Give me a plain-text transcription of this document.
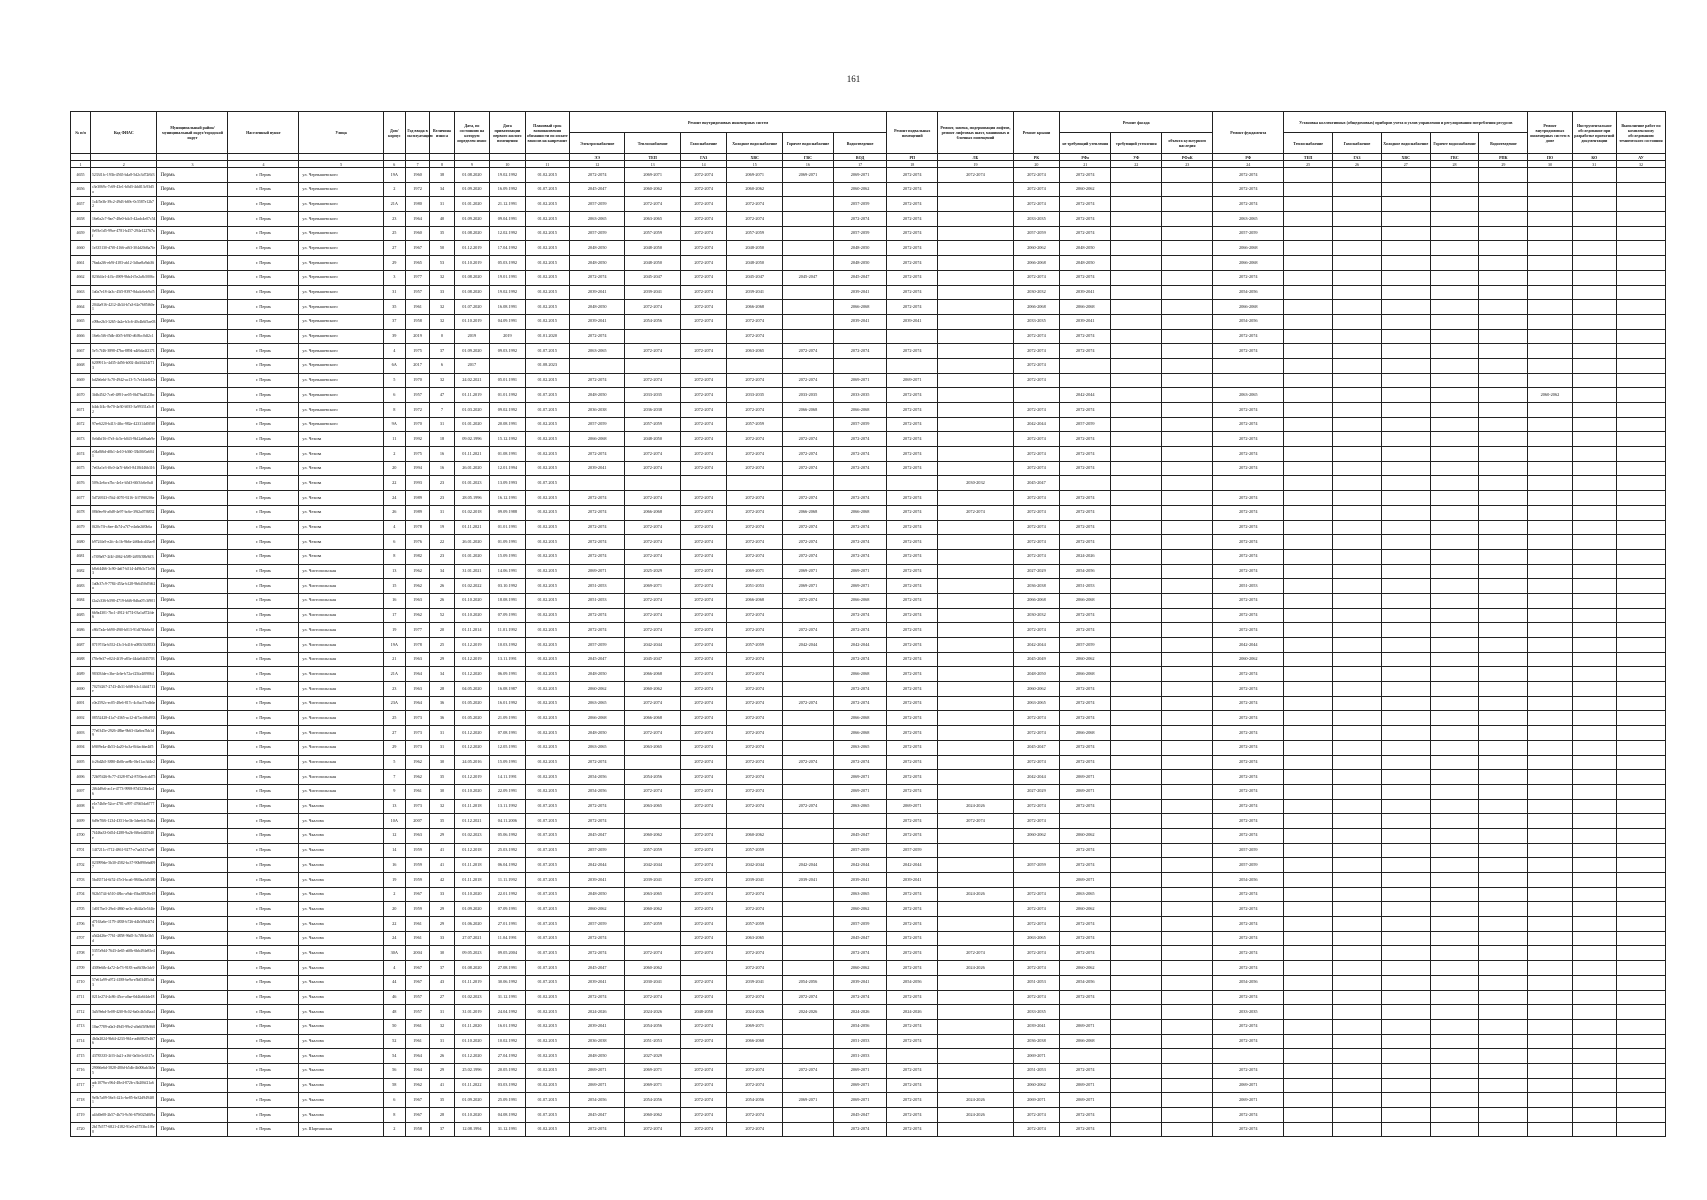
161
№ п/п	Код ФИАС	Муниципальный район/муниципальный округ/городской округ	Населенный пункт	Улица	Дом/корпус	Год ввода в эксплуатацию	Величина износа	Дата, по состоянию на которую определен износ	Дата приватизации первого жилого помещения	Плановый срок возникновения обязанности по оплате взносов на капремонт	Ремонт внутридомовых инженерных систем						Ремонт подвальных помещений	Ремонт, замена, модернизация лифтов, ремонт лифтовых шахт, машинных и блочных помещений	Ремонт крыши	Ремонт фасада			Ремонт фундамента	Установка коллективных (общедомовых) приборов учета и узлов управления и регулирования потребления ресурсов					Ремонт внутридомовых инженерных систем в доме	Инструментальное обследование при разработке проектной документации	Выполнение работ по комплексному обследованию технического состояния
											Электроснабжение	Теплоснабжение	Газоснабжение	Холодное водоснабжение	Горячее водоснабжение	Водоотведение				не требующий утепления	требующий утепления	объекта культурного наследия		Теплоснабжение	Газоснабжение	Холодное водоснабжение	Горячее водоснабжение	Водоотведение			
											ЭЭ	ТЕП	ГАЗ	ХВС	ГВС	ВОД	РП	ЛБ	РК	РФо	УФ	РФоК	РФ	ТЕП	ГАЗ	ХВС	ГВС	РПК	ПО	КО	АУ
1	2	3	4	5	6	7	8	9	10	11	12	13	14	15	16	17	18	19	20	21	22	23	24	25	26	27	28	29	30	31	32
4655	5233f1fc-193b-4565-b4a8-5d2c3d72f6f3	Пермь	г. Пермь	ул. Чернышевского	19А	1960	38	01.08.2020	19.02.1992	01.02.2015	2072-2074	2069-2071	2072-2074	2069-2071	2069-2071	2069-2071	2072-2074	2072-2074	2072-2074	2072-2074			2072-2074								
4656	c3e3069c-7c69-43e1-b0d3-4ddf13c93d5a	Пермь	г. Пермь	ул. Чернышевского	2	1972	34	01.09.2020	16.09.1992	01.07.2015	2045-2047	2060-2062	2072-2074	2060-2062		2060-2062	2072-2074		2072-2074	2060-2062			2072-2074								
4657	1c4f5e3b-39c2-49d3-b69c-0c5587e12b72	Пермь	г. Пермь	ул. Чернышевского	21А	1980	31	01.01.2020	21.12.1991	01.02.2015	2057-2059	2072-2074	2072-2074	2072-2074		2057-2059	2072-2074		2072-2074	2072-2074			2072-2074								
4658	16e0a2c7-9ae7-48e0-b4c5-42adc4e07c54	Пермь	г. Пермь	ул. Чернышевского	23	1964	40	01.09.2020	09.04.1991	01.02.2015	2063-2065	2063-2065	2072-2074	2072-2074		2072-2074	2072-2074		2033-2035	2072-2074			2063-2065								
4659	0e93e1d5-99ce-4781-b457-294e122767af	Пермь	г. Пермь	ул. Чернышевского	25	1960	35	01.08.2020	12.02.1992	01.02.2015	2057-2059	2057-2059	2072-2074	2057-2059		2057-2059	2072-2074		2057-2059	2072-2074			2057-2059								
4660	1e335130-d7f0-4166-af63-304d20d6a7fe	Пермь	г. Пермь	ул. Чернышевского	27	1967	50	01.12.2019	17.04.1992	01.02.2015	2048-2050	2048-2050	2072-2074	2048-2050		2048-2050	2072-2074		2060-2062	2048-2050			2066-2068								
4661	76ada2f6-eb9f-4183-ab12-3dfae8a9ab36	Пермь	г. Пермь	ул. Чернышевского	29	1965	53	01.10.2019	05.03.1992	01.02.2015	2048-2050	2048-2050	2072-2074	2048-2050		2048-2050	2072-2074		2066-2068	2048-2050			2066-2068								
4662	8236f4e1-4f3c-4909-9bb4-f5e2a8c5006c	Пермь	г. Пермь	ул. Чернышевского	3	1977	32	01.08.2020	19.01.1991	01.02.2015	2072-2074	2045-2047	2072-2074	2045-2047	2045-2047	2045-2047	2072-2074		2072-2074	2072-2074			2072-2074								
4663	1a0a7e18-4a3c-45f5-8397-8da4c6eb9cf5	Пермь	г. Пермь	ул. Чернышевского	31	1957	33	01.08.2020	19.02.1992	01.02.2015	2039-2041	2039-2041	2072-2074	2039-2041		2039-2041	2072-2074		2030-2032	2039-2041			2054-2056								
4664	2044a916-4212-4b34-b7a3-62e7685f60e1	Пермь	г. Пермь	ул. Чернышевского	35	1961	32	01.07.2020	16.08.1991	01.02.2015	2048-2050	2072-2074	2072-2074	2066-2068		2066-2068	2072-2074		2066-2068	2066-2068			2066-2068								
4665	c09be2b3-3265-4a2e-b3c6-40c4b6f5ae03	Пермь	г. Пермь	ул. Чернышевского	37	1958	32	01.10.2019	04.09.1991	01.02.2015	2039-2041	2054-2056	2072-2074	2072-2074		2039-2041	2039-2041		2033-2035	2039-2041			2054-2056								
4666	16e6c5f6-f5db-40f5-b930-d6f8cc0df2c1	Пермь	г. Пермь	ул. Чернышевского	39	2019	0	2019	2019	01.01.2020	2072-2074			2072-2074					2072-2074	2072-2074			2072-2074								
4667	5e7c7f46-3898-47ba-8894-a4f6da4f2171	Пермь	г. Пермь	ул. Чернышевского	4	1975	37	01.09.2020	09.03.1992	01.07.2015	2063-2065	2072-2074	2072-2074	2063-2065	2072-2074	2072-2074	2072-2074		2072-2074	2072-2074			2072-2074								
4668	6209911c-4d35-4d56-b002-4bf46234f713	Пермь	г. Пермь	ул. Чернышевского	6А	2017	6	2017		01.08.2023									2072-2074												
4669	bd2b6ebf-3c70-4942-ac13-7c7e14de8d2e	Пермь	г. Пермь	ул. Чернышевского	5	1970	32	24.02.2021	05.01.1991	01.02.2015	2072-2074	2072-2074	2072-2074	2072-2074	2072-2074	2069-2071	2069-2071		2072-2074												
4670	3fdb45f2-7ce0-4891-ae05-0fd76a4023bc	Пермь	г. Пермь	ул. Чернышевского	6	1957	47	01.11.2019	01.01.1992	01.07.2015	2048-2050	2033-2035	2072-2074	2033-2035	2033-2035	2033-2035	2072-2074			2042-2044			2063-2065						2060-2062		
4671	b4dc1f4c-8e70-4e30-b935-3a99331a5c82	Пермь	г. Пермь	ул. Чернышевского	8	1972	7	01.03.2020	09.02.1992	01.07.2015	2036-2038	2036-2038	2072-2074	2072-2074	2066-2068	2066-2068	2072-2074		2072-2074	2072-2074			2072-2074								
4672	97ee6220-b413-4fbc-982e-423314d0f5f0	Пермь	г. Пермь	ул. Чернышевского	9А	1970	31	01.01.2020	20.08.1991	01.02.2015	2057-2059	2057-2059	2072-2074	2057-2059		2057-2059	2072-2074		2042-2044	2057-2059			2072-2074								
4673	0c6dbf16-f7e3-4c5e-b043-9b12a68aab9e	Пермь	г. Пермь	ул. Чехова	11	1992	18	09.02.1996	15.12.1992	01.02.2015	2066-2068	2048-2050	2072-2074	2072-2074	2072-2074	2072-2074	2072-2074		2072-2074	2072-2074			2072-2074								
4674	e04a8f6d-d0b1-4e10-b360-33b50f0a6041	Пермь	г. Пермь	ул. Чехова	2	1975	16	01.11.2021	01.08.1991	01.02.2015	2072-2074	2072-2074	2072-2074	2072-2074	2072-2074	2072-2074	2072-2074		2072-2074	2072-2074			2072-2074								
4675	7e63a1e3-f0c0-4a7f-b8e5-8418f446b316	Пермь	г. Пермь	ул. Чехова	20	1994	16	26.01.2020	12.01.1994	01.02.2015	2039-2041	2072-2074	2072-2074	2072-2074	2072-2074	2072-2074	2072-2074		2072-2074	2072-2074			2072-2074								
4676	509c2e6a-a7bc-4e1e-b5d3-60f3fc6e0aff	Пермь	г. Пермь	ул. Чехова	22	1993	23	01.01.2023	13.09.1993	01.07.2015								2030-2032	2045-2047												
4677	5d726923-f5b2-4070-9216-1ff7f9f0206e	Пермь	г. Пермь	ул. Чехова	24	1989	23	28.05.1996	16.12.1991	01.02.2015	2072-2074	2072-2074	2072-2074	2072-2074	2072-2074	2072-2074	2072-2074		2072-2074	2072-2074			2072-2074								
4678	08b9ee9f-a0d8-4e97-bc6e-39f2a07f6832	Пермь	г. Пермь	ул. Чехова	26	1989	31	01.02.2018	09.09.1988	01.02.2015	2072-2074	2066-2068	2072-2074	2072-2074	2066-2068	2066-2068	2072-2074	2072-2074	2072-2074	2072-2074			2072-2074								
4679	0f20c7ff-c6ee-4b74-a7f7-e4a6e2ff0b6a	Пермь	г. Пермь	ул. Чехова	4	1978	19	01.11.2021	01.01.1991	01.02.2015	2072-2074	2072-2074	2072-2074	2072-2074	2072-2074	2072-2074	2072-2074		2072-2074	2072-2074			2072-2074								
4680	b972f4e5-e2fc-4c1b-9b6e-2d6bdcd43ae8	Пермь	г. Пермь	ул. Чехова	6	1976	22	26.01.2020	01.09.1991	01.02.2015	2072-2074	2072-2074	2072-2074	2072-2074	2072-2074	2072-2074	2072-2074		2072-2074	2072-2074			2072-2074								
4681	c7f09a97-2f4f-4062-b589-2d95f38b9ff3	Пермь	г. Пермь	ул. Чехова	8	1982	23	01.01.2020	15.09.1991	01.02.2015	2072-2074	2072-2074	2072-2074	2072-2074	2072-2074	2072-2074	2072-2074		2072-2074	2024-2026			2072-2074								
4682	b8c64466-3c90-4a67-b514-4d9b3c71e563	Пермь	г. Пермь	ул. Чистопольская	13	1962	34	31.01.2021	14.06.1991	01.02.2015	2069-2071	2025-2029	2072-2074	2069-2071	2069-2071	2069-2071	2072-2074		2027-2029	2054-2056			2072-2074								
4683	1a0b37c9-7784-453a-b128-9b6450d7d62a	Пермь	г. Пермь	ул. Чистопольская	15	1962	26	01.02.2022	03.10.1992	01.02.2015	2051-2053	2069-2071	2072-2074	2051-2053	2069-2071	2069-2071	2072-2074		2036-2038	2051-2053			2051-2053								
4684	f2a2c336-b598-4719-b6f6-8dba07c3f901	Пермь	г. Пермь	ул. Чистопольская	16	1963	26	01.10.2020	18.08.1991	01.02.2015	2051-2053	2072-2074	2072-2074	2066-2068	2072-2074	2066-2068	2072-2074		2066-2068	2066-2068			2072-2074								
4685	6b9a4301-7bc1-4912-b774-03a1a872fde6	Пермь	г. Пермь	ул. Чистопольская	17	1962	52	01.10.2020	07.09.1991	01.02.2015	2072-2074	2072-2074	2072-2074	2072-2074		2072-2074	2072-2074		2030-2032	2072-2074			2072-2074								
4686	c86f7a4e-b690-49f0-b013-91df7fbb6e3f	Пермь	г. Пермь	ул. Чистопольская	19	1977	20	01.11.2014	11.01.1992	01.02.2015	2072-2074	2072-2074	2072-2074	2072-2074	2072-2074	2072-2074	2072-2074		2072-2074	2072-2074			2072-2074								
4687	87197f3a-b552-43c3-b416-a085f33f8533	Пермь	г. Пермь	ул. Чистопольская	19А	1978	25	01.12.2019	10.03.1992	01.02.2015	2057-2059	2042-2044	2072-2074	2057-2059	2042-2044	2042-2044	2072-2074		2042-2044	2057-2059			2042-2044								
4688	f70e9e37-e024-4f19-a83e-44da04f45703	Пермь	г. Пермь	ул. Чистопольская	21	1963	29	01.12.2019	13.11.1991	01.02.2015	2045-2047	2045-2047	2072-2074	2072-2074		2072-2074	2072-2074		2045-2049	2060-2062			2060-2062								
4689	98303fde-c3be-4c6e-b72a-f25fa4f09864	Пермь	г. Пермь	ул. Чистопольская	21А	1964	34	01.12.2020	06.09.1991	01.02.2015	2048-2050	2066-2068	2072-2074	2072-2074		2066-2068	2072-2074		2048-2050	2066-2068			2072-2074								
4690	7027d267-2743-4b31-b0f8-b3c144d4713e	Пермь	г. Пермь	ул. Чистопольская	23	1963	28	04.05.2020	16.08.1987	01.02.2015	2060-2062	2060-2062	2072-2074	2072-2074		2072-2074	2072-2074		2060-2062	2072-2074			2072-2074								
4691	c0e2592c-ec05-48e6-817c-4c0ac57edb6e	Пермь	г. Пермь	ул. Чистопольская	23А	1964	36	01.05.2020	16.01.1992	01.02.2015	2063-2065	2072-2074	2072-2074	2072-2074	2072-2074	2072-2074	2072-2074		2063-2065	2072-2074			2072-2074								
4692	08552428-41a7-4365-ac12-df7ac0f6d933	Пермь	г. Пермь	ул. Чистопольская	25	1973	36	01.05.2020	21.09.1991	01.02.2015	2066-2068	2066-2068	2072-2074	2072-2074		2066-2068	2072-2074		2072-2074	2072-2074			2072-2074								
4693	77e0345e-2926-48be-9b63-f4a6ea7bb1d9	Пермь	г. Пермь	ул. Чистопольская	27	1973	31	01.12.2020	07.08.1991	01.02.2015	2048-2050	2072-2074	2072-2074	2072-2074		2066-2068	2072-2074		2072-2074	2066-2068			2072-2074								
4694	b9f09e4a-4b53-4a20-bc3a-0fdacbbe4ff5	Пермь	г. Пермь	ул. Чистопольская	29	1973	31	01.12.2020	12.05.1991	01.02.2015	2063-2065	2063-2065	2072-2074	2072-2074		2063-2065	2072-2074		2045-2047	2072-2074			2072-2074								
4695	fc26d2b5-3880-4b0b-ae8b-0fe11ac3d4e2	Пермь	г. Пермь	ул. Чистопольская	5	1962	30	24.05.2016	15.09.1991	01.02.2015	2072-2074		2072-2074	2072-2074	2072-2074	2072-2074	2072-2074		2072-2074	2072-2074			2072-2074								
4696	72b97d26-8c77-4328-87a2-87f0aefcdd75	Пермь	г. Пермь	ул. Чистопольская	7	1962	35	01.12.2019	14.11.1991	01.02.2015	2054-2056	2054-2056	2072-2074	2072-2074		2069-2071	2072-2074		2042-2044	2069-2071			2072-2074								
4697	2f64d9c6-ac1e-4773-9998-87d5236e4e46	Пермь	г. Пермь	ул. Чистопольская	9	1961	30	01.10.2020	22.09.1991	01.02.2015	2054-2056	2072-2074	2072-2074	2072-2074		2069-2071	2072-2074		2027-2029	2069-2071			2072-2074								
4698	e1e74b0e-52ce-4781-a997-47665da67776	Пермь	г. Пермь	ул. Чкалова	13	1973	32	01.11.2018	13.11.1992	01.07.2015	2072-2074	2063-2065	2072-2074	2072-2074	2072-2074	2063-2065	2069-2071	2024-2026	2072-2074	2072-2074			2072-2074								
4699	6d9e70f6-1234-4351-be3b-3dee64c7bdfa	Пермь	г. Пермь	ул. Чкалова	10А	2007	35	01.12.2021	04.11.2006	01.07.2015	2072-2074						2072-2074	2072-2074	2072-2074				2072-2074								
4700	7f446a33-0d54-4288-9a2b-0f6e4d20540e	Пермь	г. Пермь	ул. Чкалова	12	1963	29	01.02.2023	05.06.1992	01.07.2015	2045-2047	2060-2062	2072-2074	2060-2062		2045-2047	2072-2074		2060-2062	2060-2062			2072-2074								
4701	14f7211c-f712-4861-9277-e7aa5417ae8f	Пермь	г. Пермь	ул. Чкалова	14	1959	41	01.12.2018	25.03.1992	01.07.2015	2057-2059	2057-2059	2072-2074	2057-2059		2057-2059	2057-2059			2072-2074			2057-2059								
4702	023999de-5b30-4582-bc37-90b890ebd097	Пермь	г. Пермь	ул. Чкалова	16	1959	41	01.11.2018	06.04.1992	01.07.2015	2042-2044	2042-2044	2072-2074	2042-2044	2042-2044	2042-2044	2042-2044		2057-2059	2072-2074			2057-2059								
4703	5bd3571d-6f52-47e3-bca6-98f0aa3d5380	Пермь	г. Пермь	ул. Чкалова	19	1959	42	01.11.2018	11.11.1992	01.07.2015	2039-2041	2039-2041	2072-2074	2039-2041	2039-2041	2039-2041	2039-2041			2069-2071			2054-2056								
4704	9f2b5744-b510-48bc-a9ab-f5ba38926e18	Пермь	г. Пермь	ул. Чкалова	2	1967	33	01.10.2020	22.01.1992	01.07.2015	2048-2050	2063-2065	2072-2074	2072-2074		2063-2065	2072-2074	2024-2026	2072-2074	2063-2065			2072-2074								
4705	1d017be3-29e4-4860-ae3c-d644a5e5f4fe	Пермь	г. Пермь	ул. Чкалова	20	1959	29	01.09.2020	07.09.1991	01.07.2015	2060-2062	2060-2062	2072-2074	2072-2074		2060-2062	2072-2074		2072-2074	2060-2062			2072-2074								
4706	d7163a6e-1179-4838-b726-d4b5f9d4f749	Пермь	г. Пермь	ул. Чкалова	22	1961	29	01.06.2020	27.01.1991	01.07.2015	2057-2059	2057-2059	2072-2074	2057-2059		2057-2059	2072-2074		2072-2074	2072-2074			2072-2074								
4707	a5d2d26e-7761-4858-96d5-3c7f8f4e3b5d	Пермь	г. Пермь	ул. Чкалова	24	1961	33	27.07.2021	11.04.1991	01.07.2015	2072-2074		2072-2074	2063-2065		2045-2047	2072-2074		2063-2065	2072-2074			2072-2074								
4708	5357a9d4-7643-4e65-a60b-6bb494e85e4e	Пермь	г. Пермь	ул. Чкалова	30А	2004	30	09.05.2023	09.05.2004	01.07.2015	2072-2074	2072-2074	2072-2074	2072-2074		2072-2074	2072-2074	2072-2074	2072-2074	2072-2074			2072-2074								
4709	4309e6fb-4a72-4e73-9183-eaf6f38e3dc9	Пермь	г. Пермь	ул. Чкалова	4	1967	37	01.08.2020	27.08.1991	01.07.2015	2045-2047	2060-2062		2072-2074		2060-2062	2072-2074	2024-2026	2072-2074	2060-2062			2072-2074								
4710	57e61a99-a972-4188-be9a-e5b03485cb43	Пермь	г. Пермь	ул. Чкалова	44	1967	43	01.11.2019	30.06.1992	01.07.2015	2039-2041	2030-2041	2072-2074	2039-2041	2054-2056	2039-2041	2054-2056		2051-2053	2054-2056			2054-2056								
4711	0211e274-4c86-45ce-a0ae-0d4fa6f4de18	Пермь	г. Пермь	ул. Чкалова	46	1957	27	01.02.2023	31.12.1991	01.02.2015	2072-2074	2072-2074	2072-2074	2072-2074	2072-2074	2072-2074	2072-2074		2072-2074	2072-2074			2072-2074								
4712	3a5f9ebd-5e08-42f0-8c02-6a0c4b5d3aa4	Пермь	г. Пермь	ул. Чкалова	48	1957	31	31.01.2019	24.04.1992	01.02.2015	2024-2026	2024-2026	2048-2050	2024-2026	2024-2026	2024-2026	2024-2026		2033-2035				2033-2035								
4713	10ae7789-a0a3-49d5-99e2-a9a6f5f9b960	Пермь	г. Пермь	ул. Чкалова	50	1961	32	01.11.2020	16.01.1992	01.02.2015	2039-2041	2054-2056	2072-2074	2069-2071		2054-2056	2072-2074		2039-2041	2069-2071			2072-2074								
4714	4b0a2024-9b64-4233-961e-ad60827e4676	Пермь	г. Пермь	ул. Чкалова	52	1961	31	01.10.2020	10.02.1992	01.02.2015	2036-2038	2051-2053	2072-2074	2066-2068		2051-2053	2072-2074		2036-2038	2066-2068			2072-2074								
4715	43783335-2ff3-4a21-a16f-0a5fe3c6317a	Пермь	г. Пермь	ул. Чкалова	54	1964	26	01.12.2020	27.04.1992	01.02.2015	2048-2050	2027-2029				2051-2053			2069-2071												
4716	29066e6d-5828-480d-b5db-4b006ab3b5e5	Пермь	г. Пермь	ул. Чкалова	56	1964	29	25.02.1996	20.05.1992	01.02.2015	2069-2071	2069-2071	2072-2074	2072-2074	2072-2074	2069-2071	2072-2074		2051-2053	2072-2074			2072-2074								
4717	adc1079a-c964-48e4-872b-c3b206f21a67	Пермь	г. Пермь	ул. Чкалова	58	1962	41	01.11.2022	03.03.1992	01.02.2015	2069-2071	2069-2071	2072-2074	2072-2074		2069-2071	2072-2074		2060-2062	2069-2071			2069-2071								
4718	9e5b7a09-56e3-421c-be85-6e32d9494f81	Пермь	г. Пермь	ул. Чкалова	6	1967	35	01.09.2020	25.09.1991	01.07.2015	2054-2056	2054-2056	2072-2074	2054-2056	2069-2071	2069-2071	2072-2074	2024-2026	2069-2071	2069-2071			2069-2071								
4719	a4fd0e08-2b57-4b73-9c56-679f025d0f9a	Пермь	г. Пермь	ул. Чкалова	8	1967	28	01.10.2020	04.08.1992	01.07.2015	2045-2047	2060-2062	2072-2074	2072-2074		2045-2047	2072-2074	2024-2026	2072-2074	2072-2074			2072-2074								
4720	2b17b577-6821-4182-91e0-a5753bc1f8e8	Пермь	г. Пермь	ул. Шарташская	2	1958	37	12.08.1994	31.12.1991	01.02.2015	2072-2074	2072-2074	2072-2074	2072-2074		2072-2074	2072-2074		2072-2074	2072-2074			2072-2074								
